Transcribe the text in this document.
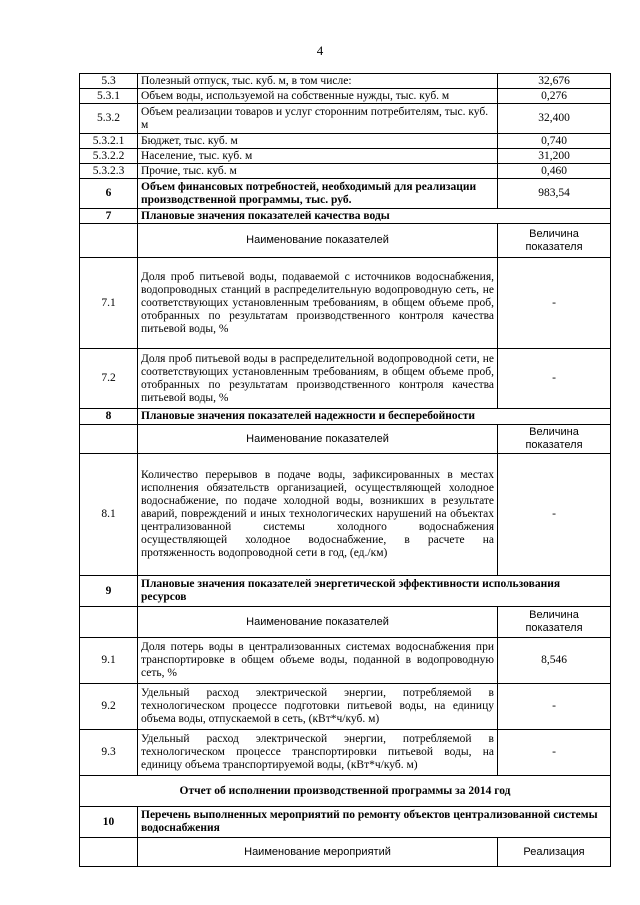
4
5.3	Полезный отпуск, тыс. куб. м, в том числе:	32,676
5.3.1	Объем воды, используемой на собственные нужды, тыс. куб. м	0,276
5.3.2	Объем реализации товаров и услуг сторонним потребителям, тыс. куб. м	32,400
5.3.2.1	Бюджет, тыс. куб. м	0,740
5.3.2.2	Население, тыс. куб. м	31,200
5.3.2.3	Прочие, тыс. куб. м	0,460
6	Объем финансовых потребностей, необходимый для реализации производственной программы, тыс. руб.	983,54
7	Плановые значения показателей качества воды	
	Наименование показателей	Величина показателя
7.1	Доля проб питьевой воды, подаваемой с источников водоснабжения, водопроводных станций в распределительную водопроводную сеть, не соответствующих установленным требованиям, в общем объеме проб, отобранных по результатам производственного контроля качества питьевой воды, %	-
7.2	Доля проб питьевой воды в распределительной водопроводной сети, не соответствующих установленным требованиям, в общем объеме проб, отобранных по результатам производственного контроля качества питьевой воды, %	-
8	Плановые значения показателей надежности и бесперебойности	
	Наименование показателей	Величина показателя
8.1	Количество перерывов в подаче воды, зафиксированных в местах исполнения обязательств организацией, осуществляющей холодное водоснабжение, по подаче холодной воды, возникших в результате аварий, повреждений и иных технологических нарушений на объектах централизованной системы холодного водоснабжения осуществляющей холодное водоснабжение, в расчете на протяженность водопроводной сети в год, (ед./км)	-
9	Плановые значения показателей энергетической эффективности использования ресурсов	
	Наименование показателей	Величина показателя
9.1	Доля потерь воды в централизованных системах водоснабжения при транспортировке в общем объеме воды, поданной в водопроводную сеть, %	8,546
9.2	Удельный расход электрической энергии, потребляемой в технологическом процессе подготовки питьевой воды, на единицу объема воды, отпускаемой в сеть, (кВт*ч/куб. м)	-
9.3	Удельный расход электрической энергии, потребляемой в технологическом процессе транспортировки питьевой воды, на единицу объема транспортируемой воды, (кВт*ч/куб. м)	-
Отчет об исполнении производственной программы за 2014 год		
10	Перечень выполненных мероприятий по ремонту объектов централизованной системы водоснабжения	
	Наименование мероприятий	Реализация
